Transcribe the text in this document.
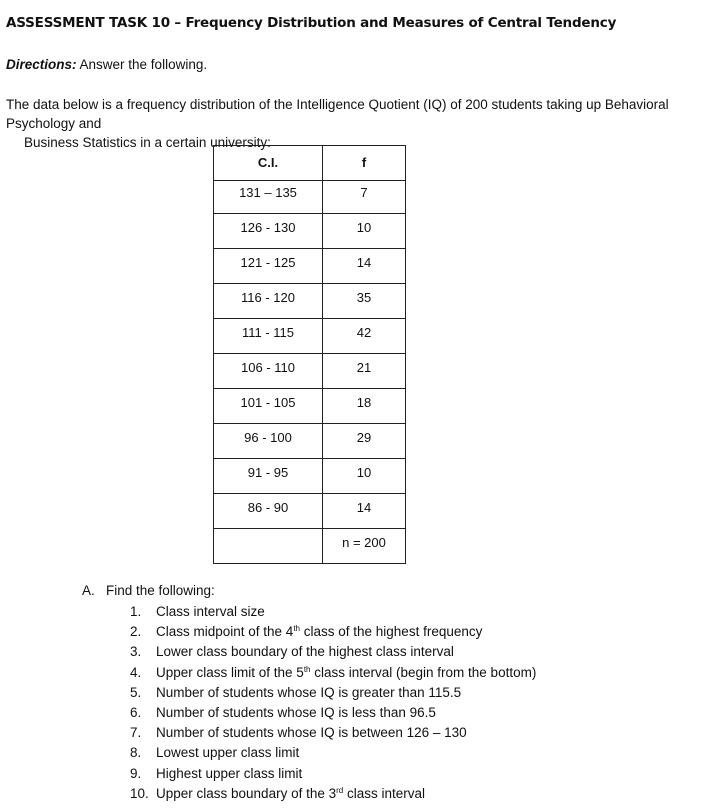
ASSESSMENT TASK 10 – Frequency Distribution and Measures of Central Tendency
Directions: Answer the following.
The data below is a frequency distribution of the Intelligence Quotient (IQ) of 200 students taking up Behavioral Psychology and
Business Statistics in a certain university:
C.I.	f
131 – 135	7
126 - 130	10
121 - 125	14
116 - 120	35
111 - 115	42
106 - 110	21
101 - 105	18
96 - 100	29
91 - 95	10
86 - 90	14
	n = 200
A. Find the following:
1. Class interval size
2. Class midpoint of the 4th class of the highest frequency
3. Lower class boundary of the highest class interval
4. Upper class limit of the 5th class interval (begin from the bottom)
5. Number of students whose IQ is greater than 115.5
6. Number of students whose IQ is less than 96.5
7. Number of students whose IQ is between 126 – 130
8. Lowest upper class limit
9. Highest upper class limit
10. Upper class boundary of the 3rd class interval
